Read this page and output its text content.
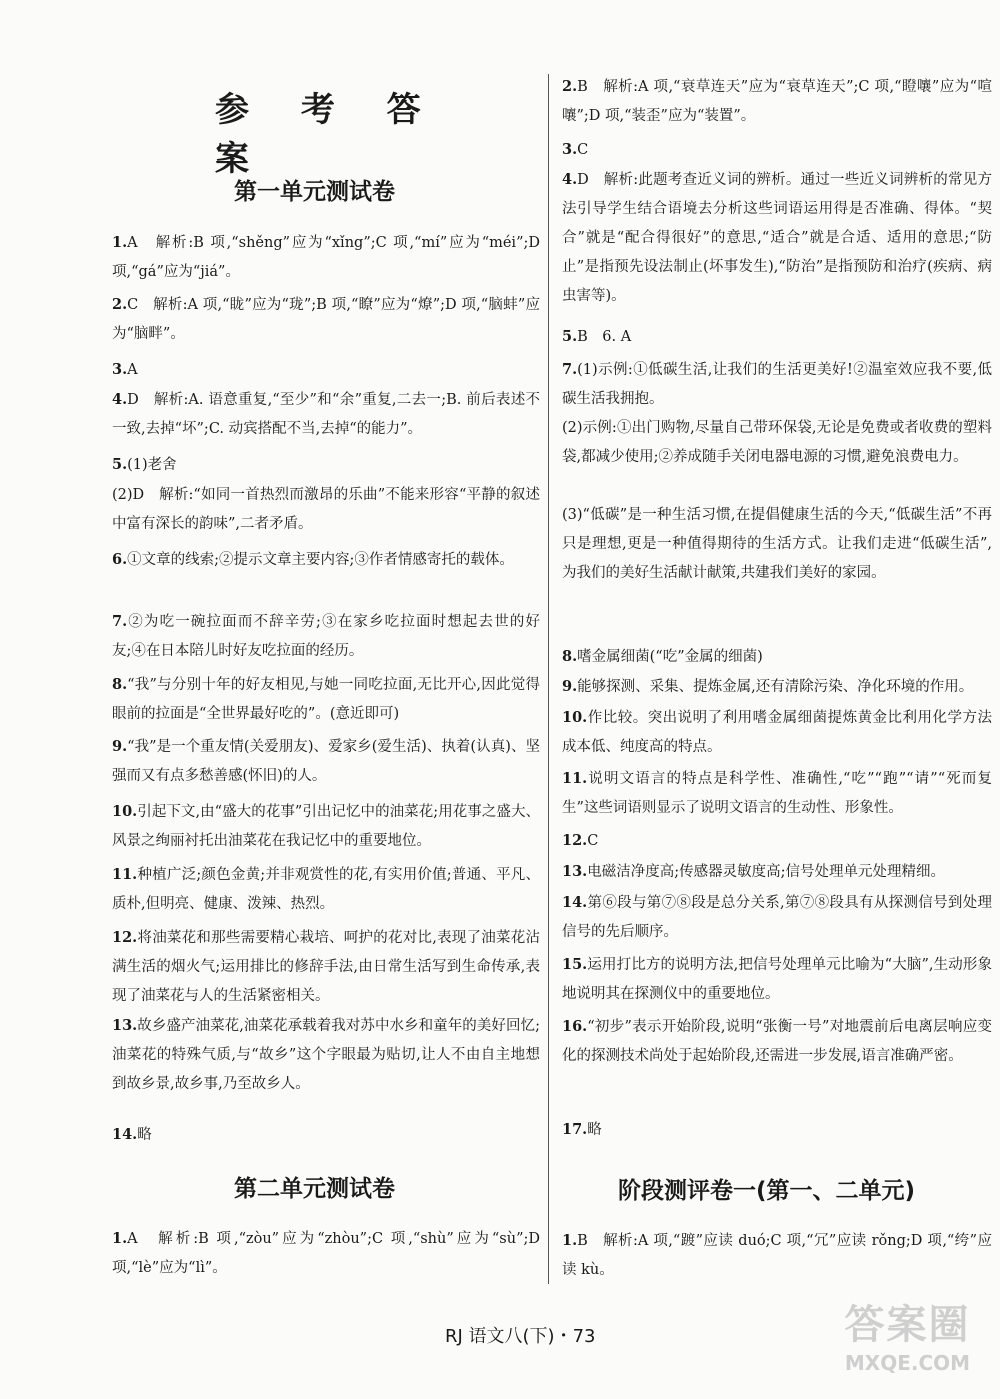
参 考 答 案
第一单元测试卷

1.A　解析:B 项,“shěng”应为“xǐng”;C 项,“mí”应为“méi”;D 项,“gá”应为“jiá”。

2.C　解析:A 项,“眬”应为“珑”;B 项,“瞭”应为“燎”;D 项,“脑蚌”应为“脑畔”。

3.A

4.D　解析:A. 语意重复,“至少”和“余”重复,二去一;B. 前后表述不一致,去掉“坏”;C. 动宾搭配不当,去掉“的能力”。

5.(1)老舍

(2)D　解析:“如同一首热烈而激昂的乐曲”不能来形容“平静的叙述中富有深长的韵味”,二者矛盾。

6.①文章的线索;②提示文章主要内容;③作者情感寄托的载体。

7.②为吃一碗拉面而不辞辛劳;③在家乡吃拉面时想起去世的好友;④在日本陪儿时好友吃拉面的经历。

8.“我”与分别十年的好友相见,与她一同吃拉面,无比开心,因此觉得眼前的拉面是“全世界最好吃的”。(意近即可)

9.“我”是一个重友情(关爱朋友)、爱家乡(爱生活)、执着(认真)、坚强而又有点多愁善感(怀旧)的人。

10.引起下文,由“盛大的花事”引出记忆中的油菜花;用花事之盛大、风景之绚丽衬托出油菜花在我记忆中的重要地位。

11.种植广泛;颜色金黄;并非观赏性的花,有实用价值;普通、平凡、质朴,但明亮、健康、泼辣、热烈。

12.将油菜花和那些需要精心栽培、呵护的花对比,表现了油菜花沾满生活的烟火气;运用排比的修辞手法,由日常生活写到生命传承,表现了油菜花与人的生活紧密相关。

13.故乡盛产油菜花,油菜花承载着我对苏中水乡和童年的美好回忆;油菜花的特殊气质,与“故乡”这个字眼最为贴切,让人不由自主地想到故乡景,故乡事,乃至故乡人。

14.略

第二单元测试卷

1.A　解析:B 项,“zòu”应为“zhòu”;C 项,“shù”应为“sù”;D 项,“lè”应为“lì”。

2.B　解析:A 项,“衰草连天”应为“衰草连天”;C 项,“瞪嚷”应为“喧嚷”;D 项,“装歪”应为“装置”。

3.C

4.D　解析:此题考查近义词的辨析。通过一些近义词辨析的常见方法引导学生结合语境去分析这些词语运用得是否准确、得体。“契合”就是“配合得很好”的意思,“适合”就是合适、适用的意思;“防止”是指预先设法制止(坏事发生),“防治”是指预防和治疗(疾病、病虫害等)。

5.B　6. A

7.(1)示例:①低碳生活,让我们的生活更美好!②温室效应我不要,低碳生活我拥抱。

(2)示例:①出门购物,尽量自己带环保袋,无论是免费或者收费的塑料袋,都减少使用;②养成随手关闭电器电源的习惯,避免浪费电力。

(3)“低碳”是一种生活习惯,在提倡健康生活的今天,“低碳生活”不再只是理想,更是一种值得期待的生活方式。让我们走进“低碳生活”,为我们的美好生活献计献策,共建我们美好的家园。

8.嗜金属细菌(“吃”金属的细菌)

9.能够探测、采集、提炼金属,还有清除污染、净化环境的作用。

10.作比较。突出说明了利用嗜金属细菌提炼黄金比利用化学方法成本低、纯度高的特点。

11.说明文语言的特点是科学性、准确性,“吃”“跑”“请”“死而复生”这些词语则显示了说明文语言的生动性、形象性。

12.C

13.电磁洁净度高;传感器灵敏度高;信号处理单元处理精细。

14.第⑥段与第⑦⑧段是总分关系,第⑦⑧段具有从探测信号到处理信号的先后顺序。

15.运用打比方的说明方法,把信号处理单元比喻为“大脑”,生动形象地说明其在探测仪中的重要地位。

16.“初步”表示开始阶段,说明“张衡一号”对地震前后电离层响应变化的探测技术尚处于起始阶段,还需进一步发展,语言准确严密。

17.略

阶段测评卷一(第一、二单元)

1.B　解析:A 项,“踱”应读 duó;C 项,“冗”应读 rǒng;D 项,“绔”应读 kù。

RJ 语文八(下)・73	答案圈
MXQE.COM
